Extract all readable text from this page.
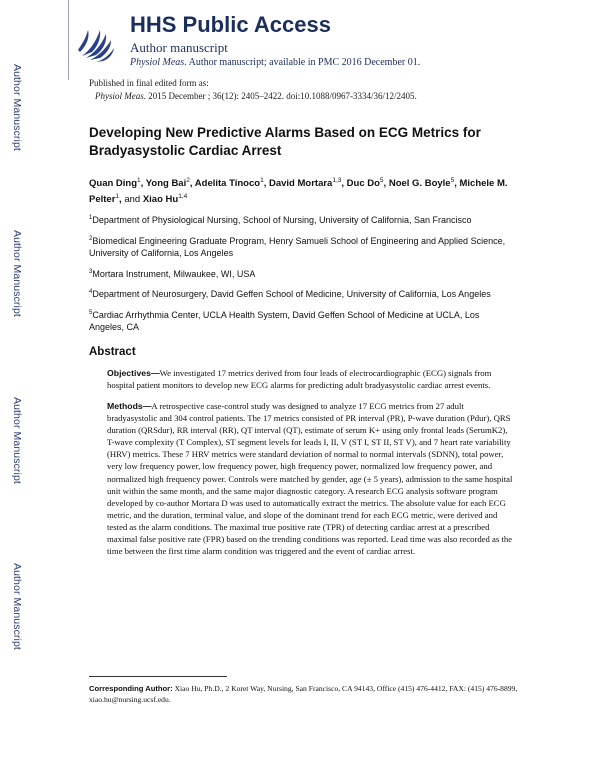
Author Manuscript
Author Manuscript
Author Manuscript
Author Manuscript
HHS Public Access
Author manuscript
Physiol Meas. Author manuscript; available in PMC 2016 December 01.
Published in final edited form as:
Physiol Meas. 2015 December ; 36(12): 2405–2422. doi:10.1088/0967-3334/36/12/2405.
Developing New Predictive Alarms Based on ECG Metrics for Bradyasystolic Cardiac Arrest
Quan Ding$^1$, Yong Bai$^2$, Adelita Tinoco$^1$, David Mortara$^{1,3}$, Duc Do$^5$, Noel G. Boyle$^5$, Michele M. Pelter$^1$, and Xiao Hu$^{1,4}$
$^1$Department of Physiological Nursing, School of Nursing, University of California, San Francisco
$^2$Biomedical Engineering Graduate Program, Henry Samueli School of Engineering and Applied Science, University of California, Los Angeles
$^3$Mortara Instrument, Milwaukee, WI, USA
$^4$Department of Neurosurgery, David Geffen School of Medicine, University of California, Los Angeles
$^5$Cardiac Arrhythmia Center, UCLA Health System, David Geffen School of Medicine at UCLA, Los Angeles, CA
Abstract
Objectives—We investigated 17 metrics derived from four leads of electrocardiographic (ECG) signals from hospital patient monitors to develop new ECG alarms for predicting adult bradyasystolic cardiac arrest events.
Methods—A retrospective case-control study was designed to analyze 17 ECG metrics from 27 adult bradyasystolic and 304 control patients. The 17 metrics consisted of PR interval (PR), P-wave duration (Pdur), QRS duration (QRSdur), RR interval (RR), QT interval (QT), estimate of serum K+ using only frontal leads (SerumK2), T-wave complexity (T Complex), ST segment levels for leads I, II, V (ST I, ST II, ST V), and 7 heart rate variability (HRV) metrics. These 7 HRV metrics were standard deviation of normal to normal intervals (SDNN), total power, very low frequency power, low frequency power, high frequency power, normalized low frequency power, and normalized high frequency power. Controls were matched by gender, age (± 5 years), admission to the same hospital unit within the same month, and the same major diagnostic category. A research ECG analysis software program developed by co-author Mortara D was used to automatically extract the metrics. The absolute value for each ECG metric, and the duration, terminal value, and slope of the dominant trend for each ECG metric, were derived and tested as the alarm conditions. The maximal true positive rate (TPR) of detecting cardiac arrest at a prescribed maximal false positive rate (FPR) based on the trending conditions was reported. Lead time was also recorded as the time between the first time alarm condition was triggered and the event of cardiac arrest.
Corresponding Author: Xiao Hu, Ph.D., 2 Koret Way, Nursing, San Francisco, CA 94143, Office (415) 476-4412, FAX: (415) 476-8899, xiao.hu@nursing.ucsf.edu.
